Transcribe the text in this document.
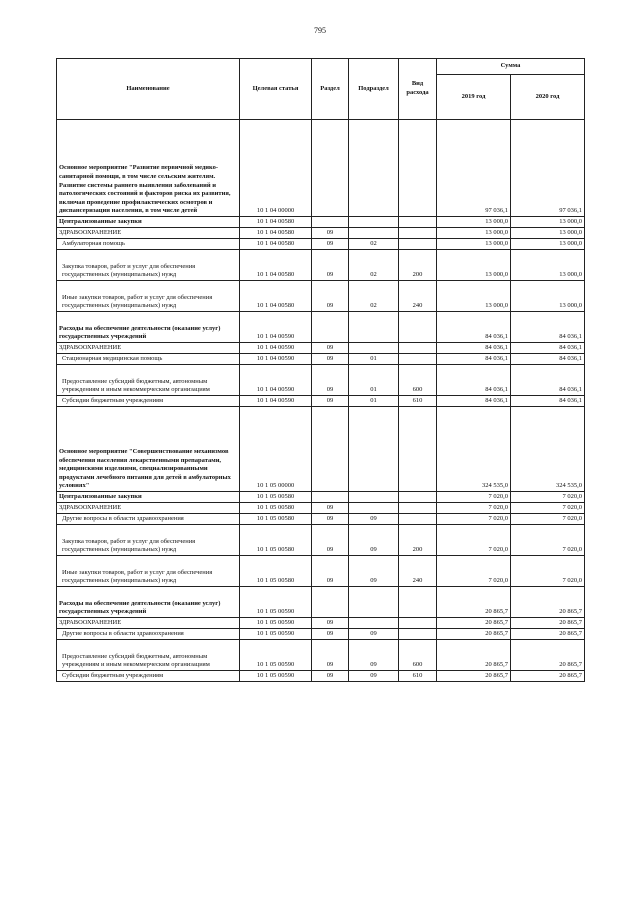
795
Наименование	Целевая статья	Раздел	Подраздел	Вид расхода	Сумма	
					2019 год	2020 год
Основное мероприятие "Развитие первичной медико-санитарной помощи, в том числе сельским жителям. Развитие системы раннего выявления заболеваний и патологических состояний и факторов риска их развития, включая проведение профилактических осмотров и диспансеризации населения, в том числе детей	10 1 04 00000				97 036,1	97 036,1
Централизованные закупки	10 1 04 00580				13 000,0	13 000,0
ЗДРАВООХРАНЕНИЕ	10 1 04 00580	09			13 000,0	13 000,0
Амбулаторная помощь	10 1 04 00580	09	02		13 000,0	13 000,0
Закупка товаров, работ и услуг для обеспечения государственных (муниципальных) нужд	10 1 04 00580	09	02	200	13 000,0	13 000,0
Иные закупки товаров, работ и услуг для обеспечения государственных (муниципальных) нужд	10 1 04 00580	09	02	240	13 000,0	13 000,0
Расходы на обеспечение деятельности (оказание услуг) государственных учреждений	10 1 04 00590				84 036,1	84 036,1
ЗДРАВООХРАНЕНИЕ	10 1 04 00590	09			84 036,1	84 036,1
Стационарная медицинская помощь	10 1 04 00590	09	01		84 036,1	84 036,1
Предоставление субсидий бюджетным, автономным учреждениям и иным некоммерческим организациям	10 1 04 00590	09	01	600	84 036,1	84 036,1
Субсидии бюджетным учреждениям	10 1 04 00590	09	01	610	84 036,1	84 036,1
Основное мероприятие "Совершенствование механизмов обеспечения населения лекарственными препаратами, медицинскими изделиями, специализированными продуктами лечебного питания для детей в амбулаторных условиях"	10 1 05 00000				324 535,0	324 535,0
Централизованные закупки	10 1 05 00580				7 020,0	7 020,0
ЗДРАВООХРАНЕНИЕ	10 1 05 00580	09			7 020,0	7 020,0
Другие вопросы в области здравоохранения	10 1 05 00580	09	09		7 020,0	7 020,0
Закупка товаров, работ и услуг для обеспечения государственных (муниципальных) нужд	10 1 05 00580	09	09	200	7 020,0	7 020,0
Иные закупки товаров, работ и услуг для обеспечения государственных (муниципальных) нужд	10 1 05 00580	09	09	240	7 020,0	7 020,0
Расходы на обеспечение деятельности (оказание услуг) государственных учреждений	10 1 05 00590				20 865,7	20 865,7
ЗДРАВООХРАНЕНИЕ	10 1 05 00590	09			20 865,7	20 865,7
Другие вопросы в области здравоохранения	10 1 05 00590	09	09		20 865,7	20 865,7
Предоставление субсидий бюджетным, автономным учреждениям и иным некоммерческим организациям	10 1 05 00590	09	09	600	20 865,7	20 865,7
Субсидии бюджетным учреждениям	10 1 05 00590	09	09	610	20 865,7	20 865,7
